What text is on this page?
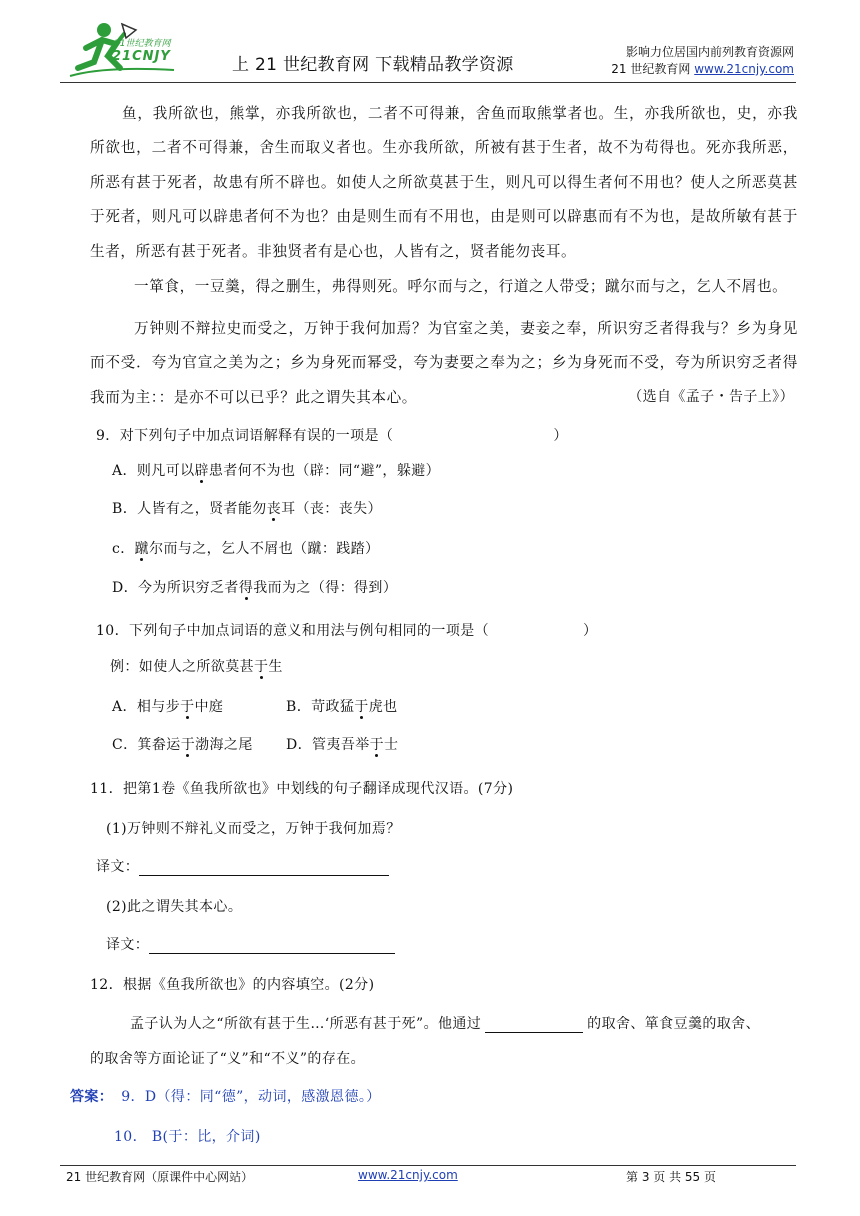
21世纪教育网
21CNJY	上 21 世纪教育网 下载精品教学资源
影响力位居国内前列教育资源网
21 世纪教育网 www.21cnjy.com
鱼，我所欲也，熊掌，亦我所欲也，二者不可得兼，舍鱼而取熊掌者也。生，亦我所欲也，史，亦我所欲也，二者不可得兼，舍生而取义者也。生亦我所欲，所被有甚于生者，故不为苟得也。死亦我所恶，所恶有甚于死者，故患有所不辟也。如使人之所欲莫甚于生，则凡可以得生者何不用也？使人之所恶莫甚于死者，则凡可以辟患者何不为也？由是则生而有不用也，由是则可以辟惠而有不为也，是故所敏有甚于生者，所恶有甚于死者。非独贤者有是心也，人皆有之，贤者能勿丧耳。
一箪食，一豆羹，得之删生，弗得则死。呼尔而与之，行道之人带受；蹴尔而与之，乞人不屑也。
万钟则不辩拉史而受之，万钟于我何加焉？为官室之美，妻妾之奉，所识穷乏者得我与？乡为身见而不受．夸为官宣之美为之；乡为身死而幂受，夸为妻要之奉为之；乡为身死而不受，夸为所识穷乏者得我而为主：：是亦不可以已乎？此之谓失其本心。	（选自《孟子・告子上》）
9．对下列句子中加点词语解释有误的一项是（	）
A．则凡可以辟患者何不为也（辟：同“避”，躲避）
B．人皆有之，贤者能勿丧耳（丧：丧失）
c．蹴尔而与之，乞人不屑也（蹴：践踏）
D．今为所识穷乏者得我而为之（得：得到）
10．下列旬子中加点词语的意义和用法与例句相同的一项是（	）
例：如使人之所欲莫甚于生
A．相与步于中庭	B．苛政猛于虎也
C．箕畚运于渤海之尾 D．管夷吾举于士
11．把第1卷《鱼我所欲也》中划线的句子翻译成现代汉语。(7分)
(1)万钟则不辩礼义而受之，万钟于我何加焉？
译文：
(2)此之谓失其本心。
译文：
12．根据《鱼我所欲也》的内容填空。(2分)
孟子认为人之“所欲有甚于生…‘所恶有甚于死”。他通过	的取舍、箪食豆羹的取舍、
的取舍等方面论证了“义”和“不义”的存在。
答案： 9．D（得：同“德”，动词，感激恩德。）
10． B(于：比，介词)
21 世纪教育网（原课件中心网站）	www.21cnjy.com	第 3 页 共 55 页
